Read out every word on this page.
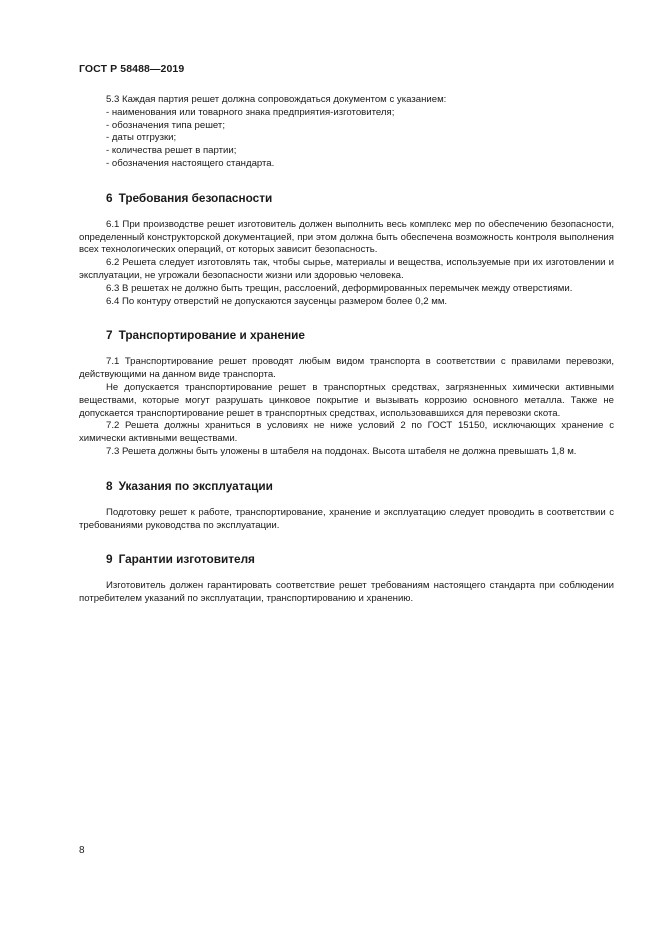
ГОСТ Р 58488—2019

5.3 Каждая партия решет должна сопровождаться документом с указанием:

- наименования или товарного знака предприятия-изготовителя;

- обозначения типа решет;

- даты отгрузки;

- количества решет в партии;

- обозначения настоящего стандарта.

6 Требования безопасности

6.1 При производстве решет изготовитель должен выполнить весь комплекс мер по обеспечению безопасности, определенный конструкторской документацией, при этом должна быть обеспечена возможность контроля выполнения всех технологических операций, от которых зависит безопасность.

6.2 Решета следует изготовлять так, чтобы сырье, материалы и вещества, используемые при их изготовлении и эксплуатации, не угрожали безопасности жизни или здоровью человека.

6.3 В решетах не должно быть трещин, расслоений, деформированных перемычек между отверстиями.

6.4 По контуру отверстий не допускаются заусенцы размером более 0,2 мм.

7 Транспортирование и хранение

7.1 Транспортирование решет проводят любым видом транспорта в соответствии с правилами перевозки, действующими на данном виде транспорта.

Не допускается транспортирование решет в транспортных средствах, загрязненных химически активными веществами, которые могут разрушать цинковое покрытие и вызывать коррозию основного металла. Также не допускается транспортирование решет в транспортных средствах, использовавшихся для перевозки скота.

7.2 Решета должны храниться в условиях не ниже условий 2 по ГОСТ 15150, исключающих хранение с химически активными веществами.

7.3 Решета должны быть уложены в штабеля на поддонах. Высота штабеля не должна превышать 1,8 м.

8 Указания по эксплуатации

Подготовку решет к работе, транспортирование, хранение и эксплуатацию следует проводить в соответствии с требованиями руководства по эксплуатации.

9 Гарантии изготовителя

Изготовитель должен гарантировать соответствие решет требованиям настоящего стандарта при соблюдении потребителем указаний по эксплуатации, транспортированию и хранению.

8
